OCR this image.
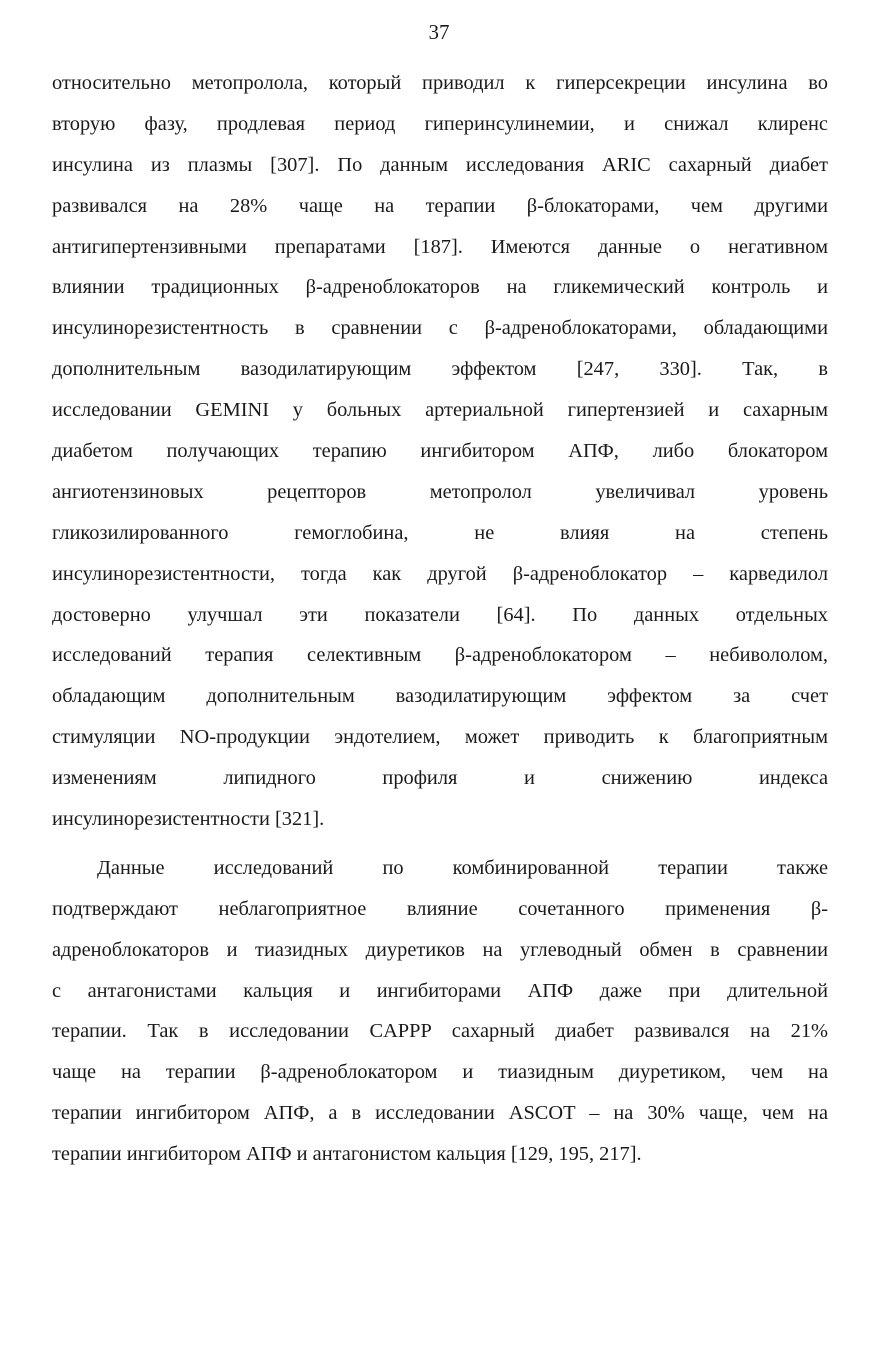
37
относительно метопролола, который приводил к гиперсекреции инсулина во
вторую фазу, продлевая период гиперинсулинемии, и снижал клиренс
инсулина из плазмы [307]. По данным исследования ARIC сахарный диабет
развивался на 28% чаще на терапии β-блокаторами, чем другими
антигипертензивными препаратами [187]. Имеются данные о негативном
влиянии традиционных β-адреноблокаторов на гликемический контроль и
инсулинорезистентность в сравнении с β-адреноблокаторами, обладающими
дополнительным вазодилатирующим эффектом [247, 330]. Так, в
исследовании GEMINI у больных артериальной гипертензией и сахарным
диабетом получающих терапию ингибитором АПФ, либо блокатором
ангиотензиновых рецепторов метопролол увеличивал уровень
гликозилированного гемоглобина, не влияя на степень
инсулинорезистентности, тогда как другой β-адреноблокатор – карведилол
достоверно улучшал эти показатели [64]. По данных отдельных
исследований терапия селективным β-адреноблокатором – небивололом,
обладающим дополнительным вазодилатирующим эффектом за счет
стимуляции NO-продукции эндотелием, может приводить к благоприятным
изменениям липидного профиля и снижению индекса
инсулинорезистентности [321].
Данные исследований по комбинированной терапии также
подтверждают неблагоприятное влияние сочетанного применения β-
адреноблокаторов и тиазидных диуретиков на углеводный обмен в сравнении
с антагонистами кальция и ингибиторами АПФ даже при длительной
терапии. Так в исследовании CAPPP сахарный диабет развивался на 21%
чаще на терапии β-адреноблокатором и тиазидным диуретиком, чем на
терапии ингибитором АПФ, а в исследовании ASCOT – на 30% чаще, чем на
терапии ингибитором АПФ и антагонистом кальция [129, 195, 217].
